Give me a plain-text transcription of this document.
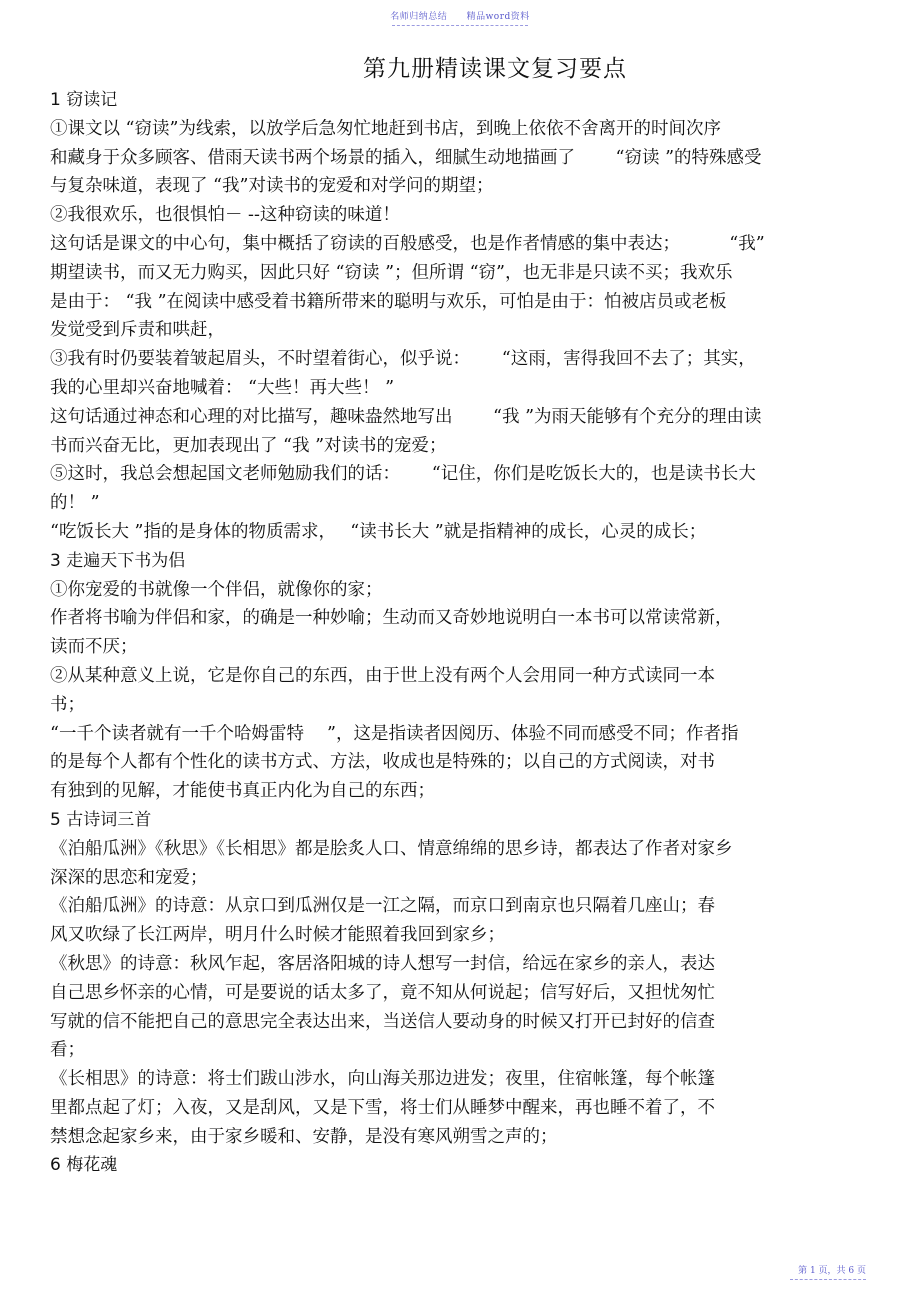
名师归纳总结 精品word资料
第九册精读课文复习要点
1 窃读记
①课文以 “窃读”为线索，以放学后急匆忙地赶到书店，到晚上依依不舍离开的时间次序
和藏身于众多顾客、借雨天读书两个场景的插入，细腻生动地描画了　　 “窃读 ”的特殊感受
与复杂味道，表现了 “我”对读书的宠爱和对学问的期望；
②我很欢乐，也很惧怕－ --这种窃读的味道！
这句话是课文的中心句，集中概括了窃读的百般感受，也是作者情感的集中表达；　　　 “我”
期望读书，而又无力购买，因此只好 “窃读 ”；但所谓 “窃”，也无非是只读不买；我欢乐
是由于： “我 ”在阅读中感受着书籍所带来的聪明与欢乐，可怕是由于：怕被店员或老板
发觉受到斥责和哄赶，
③我有时仍要装着皱起眉头，不时望着街心，似乎说：　　 “这雨，害得我回不去了；其实，
我的心里却兴奋地喊着： “大些！再大些！ ”
这句话通过神态和心理的对比描写，趣味盎然地写出　　 “我 ”为雨天能够有个充分的理由读
书而兴奋无比，更加表现出了 “我 ”对读书的宠爱；
⑤这时，我总会想起国文老师勉励我们的话：　　 “记住，你们是吃饭长大的，也是读书长大
的！ ”
“吃饭长大 ”指的是身体的物质需求，　 “读书长大 ”就是指精神的成长，心灵的成长；
3 走遍天下书为侣
①你宠爱的书就像一个伴侣，就像你的家；
作者将书喻为伴侣和家，的确是一种妙喻；生动而又奇妙地说明白一本书可以常读常新，
读而不厌；
②从某种意义上说，它是你自己的东西，由于世上没有两个人会用同一种方式读同一本
书；
“一千个读者就有一千个哈姆雷特　 ”，这是指读者因阅历、体验不同而感受不同；作者指
的是每个人都有个性化的读书方式、方法，收成也是特殊的；以自己的方式阅读，对书
有独到的见解，才能使书真正内化为自己的东西；
5 古诗词三首
《泊船瓜洲》《秋思》《长相思》都是脍炙人口、情意绵绵的思乡诗，都表达了作者对家乡
深深的思恋和宠爱；
《泊船瓜洲》的诗意：从京口到瓜洲仅是一江之隔，而京口到南京也只隔着几座山；春
风又吹绿了长江两岸，明月什么时候才能照着我回到家乡；
《秋思》的诗意：秋风乍起，客居洛阳城的诗人想写一封信，给远在家乡的亲人，表达
自己思乡怀亲的心情，可是要说的话太多了，竟不知从何说起；信写好后，又担忧匆忙
写就的信不能把自己的意思完全表达出来，当送信人要动身的时候又打开已封好的信查
看；
《长相思》的诗意：将士们跋山涉水，向山海关那边进发；夜里，住宿帐篷，每个帐篷
里都点起了灯；入夜，又是刮风，又是下雪，将士们从睡梦中醒来，再也睡不着了，不
禁想念起家乡来，由于家乡暖和、安静，是没有寒风朔雪之声的；
6 梅花魂
第 1 页，共 6 页
